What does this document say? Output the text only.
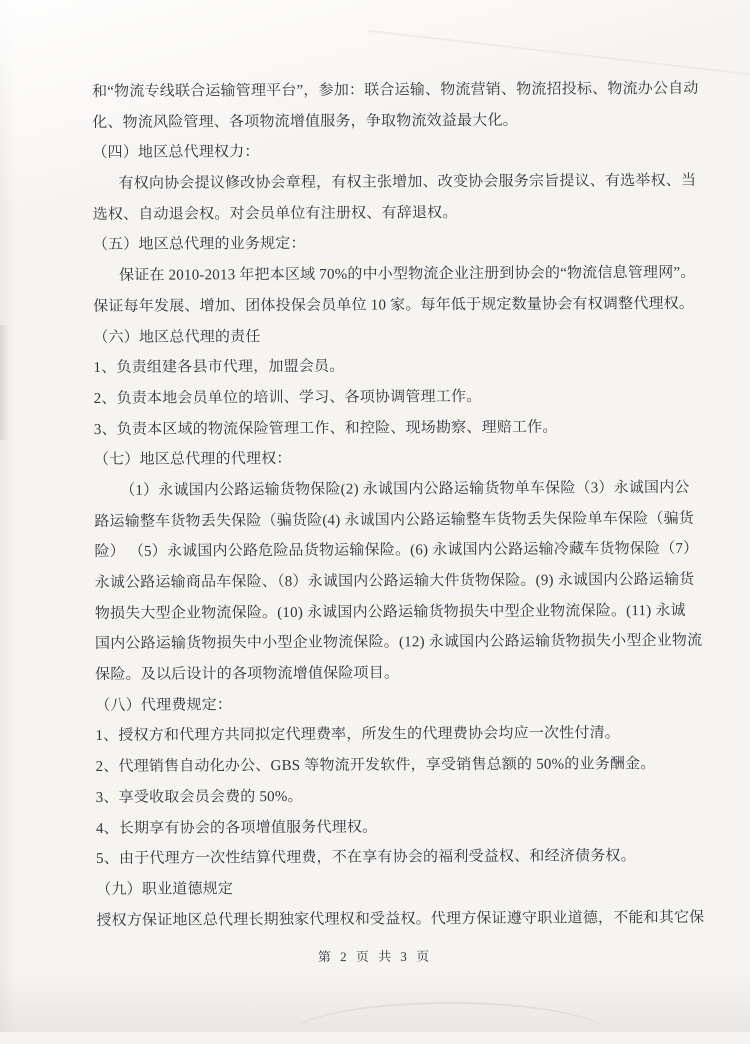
和“物流专线联合运输管理平台”，参加：联合运输、物流营销、物流招投标、物流办公自动

化、物流风险管理、各项物流增值服务，争取物流效益最大化。

（四）地区总代理权力：

有权向协会提议修改协会章程，有权主张增加、改变协会服务宗旨提议、有选举权、当

选权、自动退会权。对会员单位有注册权、有辞退权。

（五）地区总代理的业务规定：

保证在 2010-2013 年把本区域 70%的中小型物流企业注册到协会的“物流信息管理网”。

保证每年发展、增加、团体投保会员单位 10 家。每年低于规定数量协会有权调整代理权。

（六）地区总代理的责任

1、负责组建各县市代理，加盟会员。

2、负责本地会员单位的培训、学习、各项协调管理工作。

3、负责本区域的物流保险管理工作、和控险、现场勘察、理赔工作。

（七）地区总代理的代理权：

（1）永诚国内公路运输货物保险(2) 永诚国内公路运输货物单车保险（3）永诚国内公

路运输整车货物丢失保险（骗货险(4) 永诚国内公路运输整车货物丢失保险单车保险（骗货

险） （5）永诚国内公路危险品货物运输保险。(6) 永诚国内公路运输冷藏车货物保险（7）

永诚公路运输商品车保险、（8）永诚国内公路运输大件货物保险。(9) 永诚国内公路运输货

物损失大型企业物流保险。(10) 永诚国内公路运输货物损失中型企业物流保险。(11) 永诚

国内公路运输货物损失中小型企业物流保险。(12) 永诚国内公路运输货物损失小型企业物流

保险。及以后设计的各项物流增值保险项目。

（八）代理费规定：

1、授权方和代理方共同拟定代理费率，所发生的代理费协会均应一次性付清。

2、代理销售自动化办公、GBS 等物流开发软件，享受销售总额的 50%的业务酬金。

3、享受收取会员会费的 50%。

4、长期享有协会的各项增值服务代理权。

5、由于代理方一次性结算代理费，不在享有协会的福利受益权、和经济债务权。

（九）职业道德规定

授权方保证地区总代理长期独家代理权和受益权。代理方保证遵守职业道德，不能和其它保

第 2 页 共 3 页
